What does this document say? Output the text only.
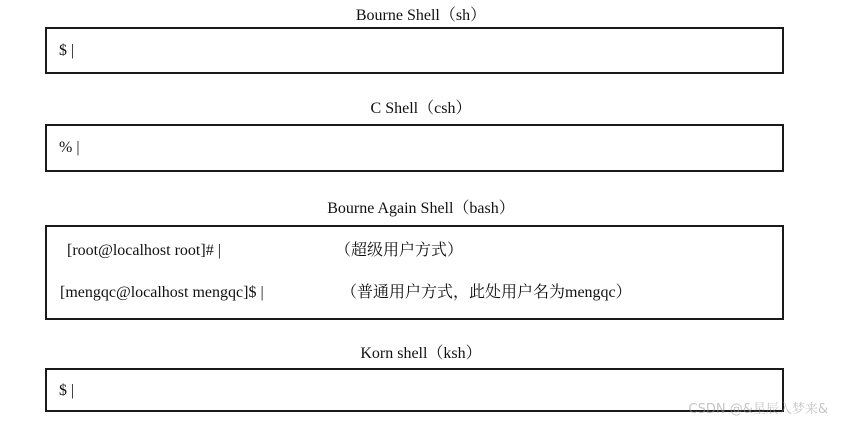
Bourne Shell（sh）
$ |
C Shell（csh）
% |
Bourne Again Shell（bash）
[root@localhost root]# |	（超级用户方式）
[mengqc@localhost mengqc]$ |	（普通用户方式，此处用户名为mengqc）
Korn shell（ksh）
$ |
CSDN @&星辰入梦来&
